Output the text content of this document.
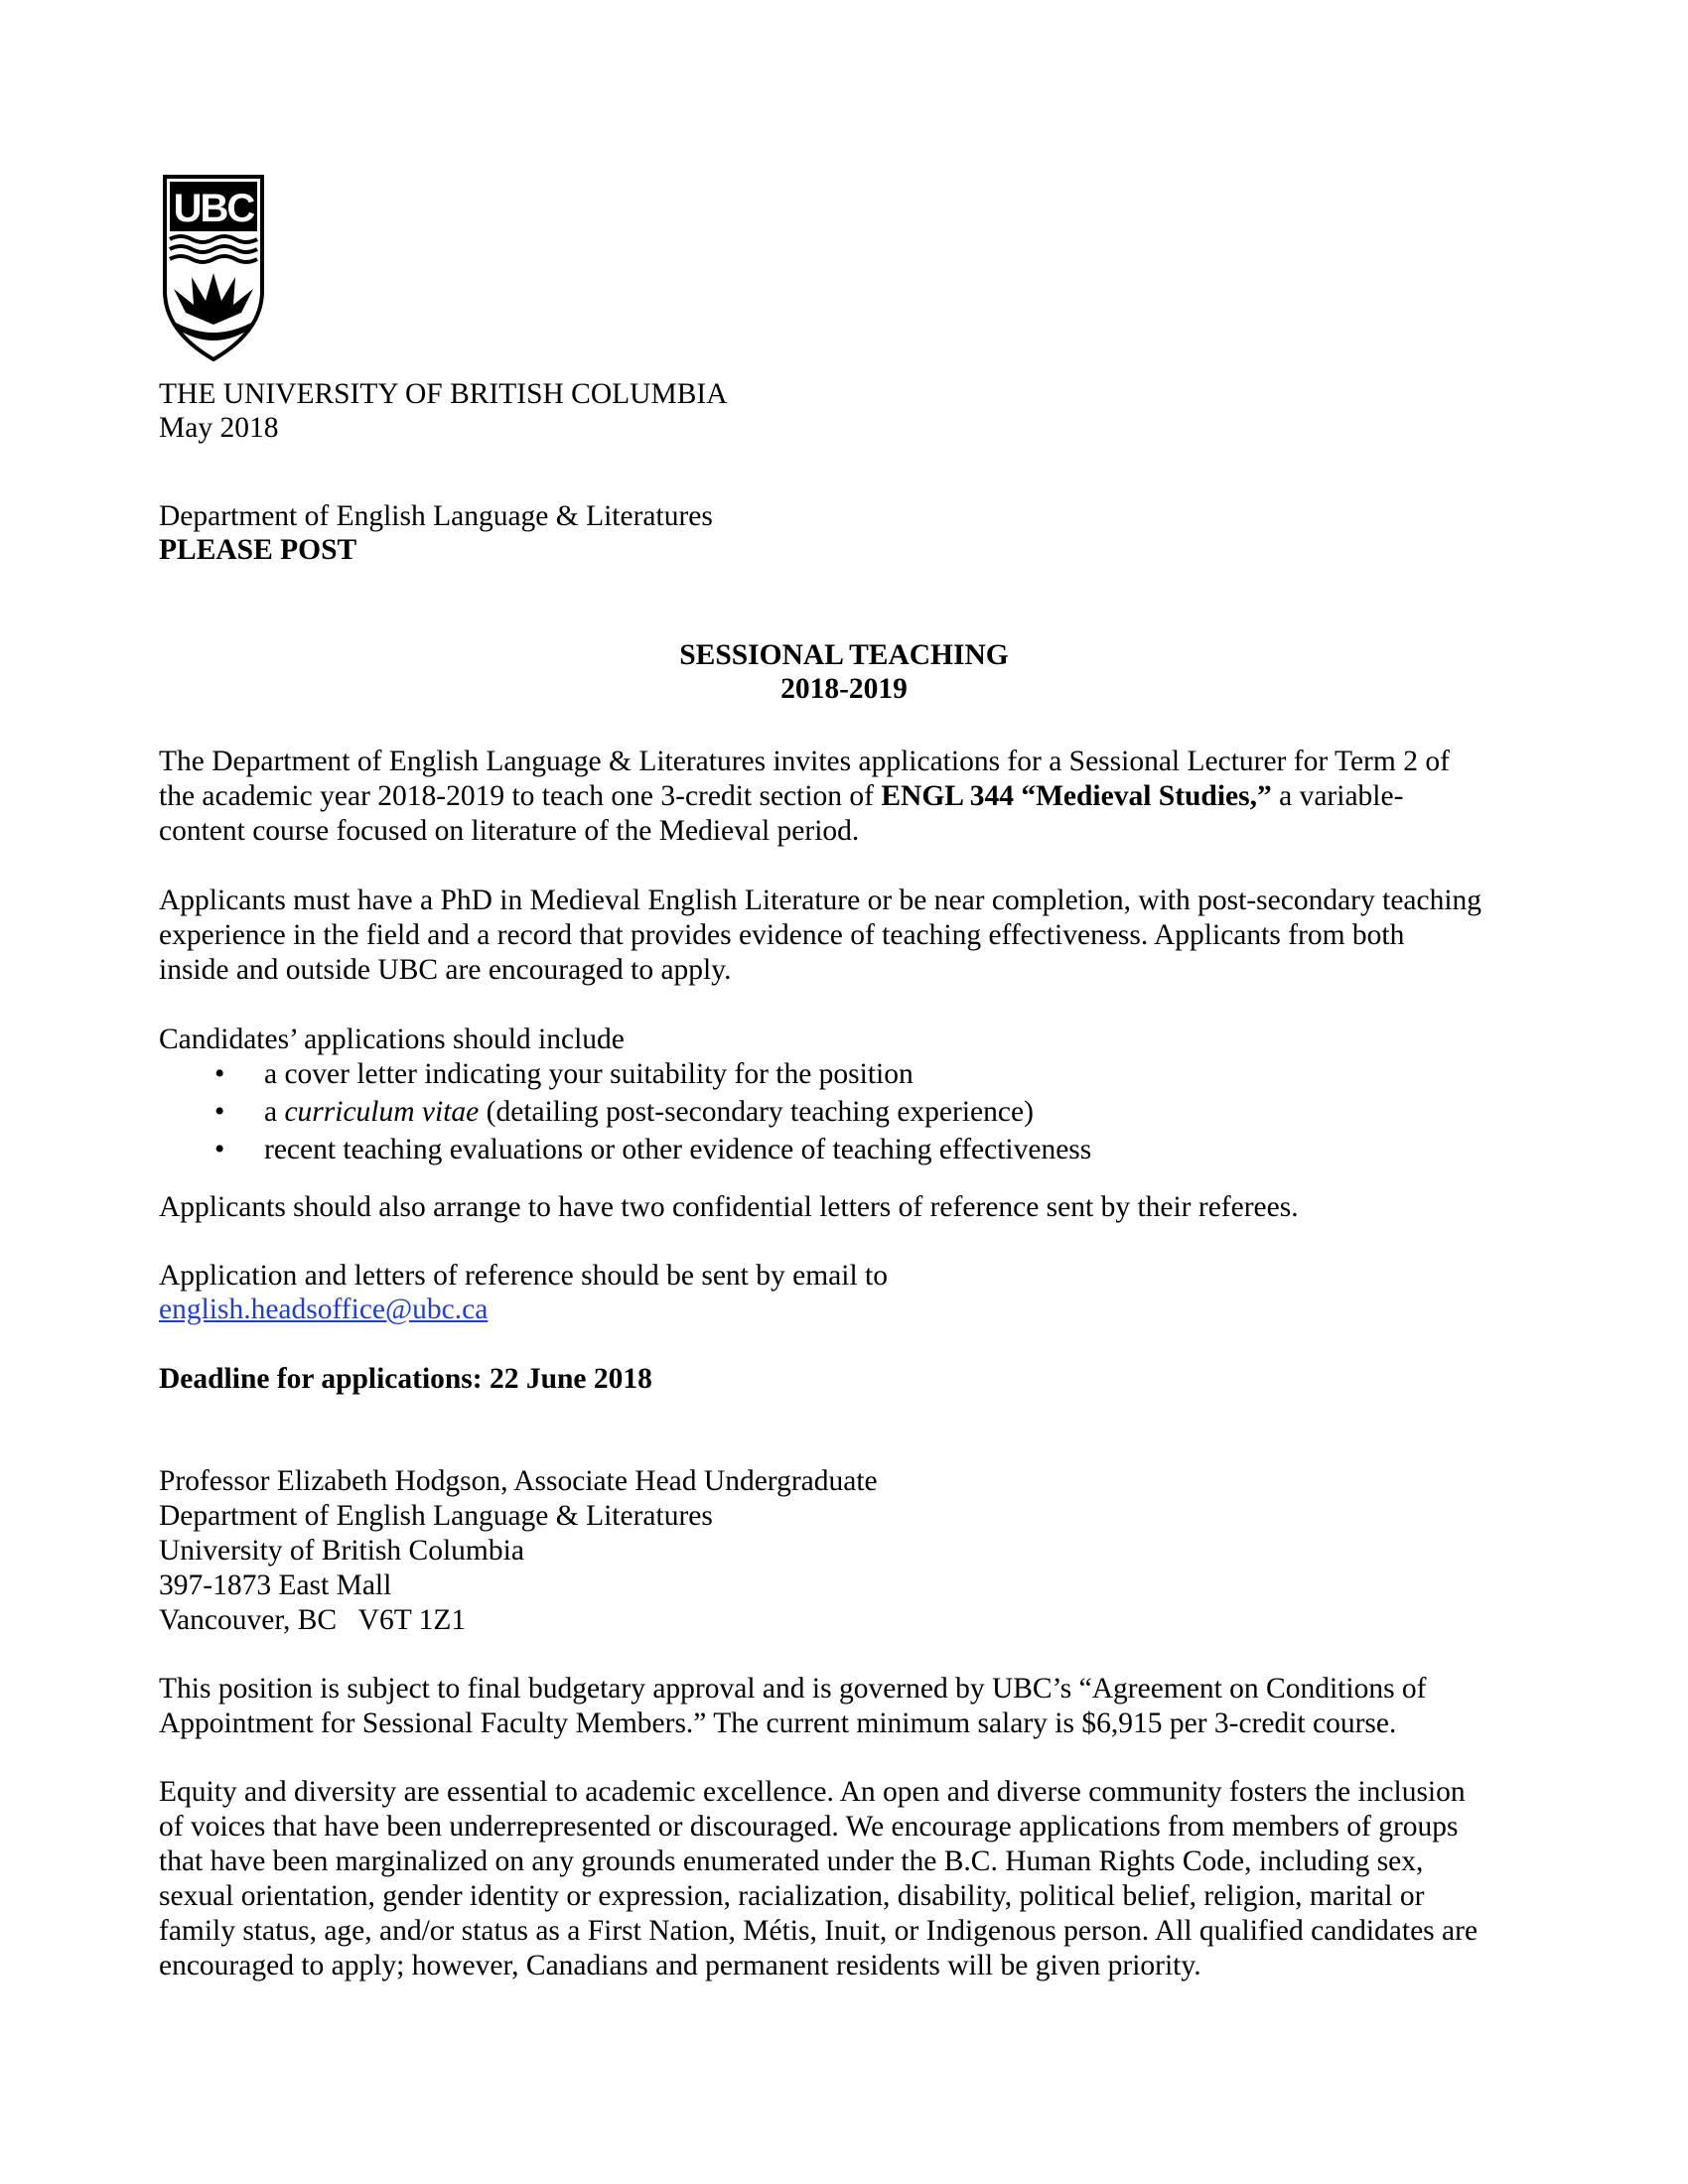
UBC
THE UNIVERSITY OF BRITISH COLUMBIA
May 2018
Department of English Language & Literatures
PLEASE POST
SESSIONAL TEACHING
2018-2019
The Department of English Language & Literatures invites applications for a Sessional Lecturer for Term 2 of
the academic year 2018-2019 to teach one 3-credit section of ENGL 344 “Medieval Studies,” a variable-
content course focused on literature of the Medieval period.
Applicants must have a PhD in Medieval English Literature or be near completion, with post-secondary teaching
experience in the field and a record that provides evidence of teaching effectiveness. Applicants from both
inside and outside UBC are encouraged to apply.
Candidates’ applications should include
• a cover letter indicating your suitability for the position
• a curriculum vitae (detailing post-secondary teaching experience)
• recent teaching evaluations or other evidence of teaching effectiveness
Applicants should also arrange to have two confidential letters of reference sent by their referees.
Application and letters of reference should be sent by email to
english.headsoffice@ubc.ca
Deadline for applications: 22 June 2018
Professor Elizabeth Hodgson, Associate Head Undergraduate
Department of English Language & Literatures
University of British Columbia
397-1873 East Mall
Vancouver, BC   V6T 1Z1
This position is subject to final budgetary approval and is governed by UBC’s “Agreement on Conditions of
Appointment for Sessional Faculty Members.” The current minimum salary is $6,915 per 3-credit course.
Equity and diversity are essential to academic excellence. An open and diverse community fosters the inclusion
of voices that have been underrepresented or discouraged. We encourage applications from members of groups
that have been marginalized on any grounds enumerated under the B.C. Human Rights Code, including sex,
sexual orientation, gender identity or expression, racialization, disability, political belief, religion, marital or
family status, age, and/or status as a First Nation, Métis, Inuit, or Indigenous person. All qualified candidates are
encouraged to apply; however, Canadians and permanent residents will be given priority.
